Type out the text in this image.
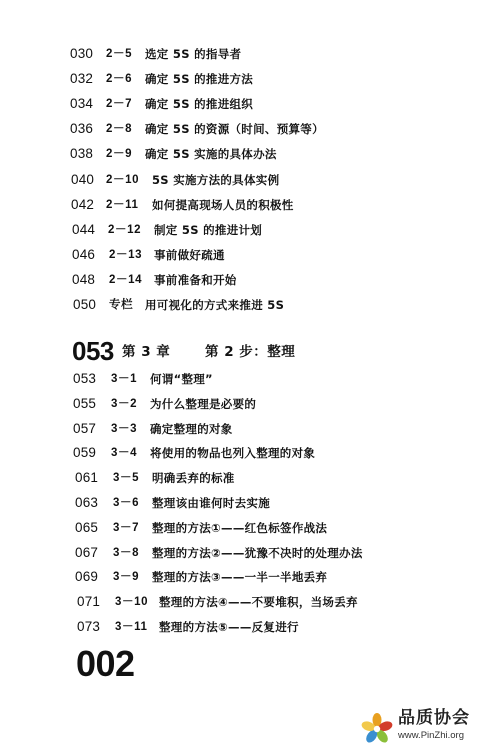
030 2－5 选定 5S 的指导者
032 2－6 确定 5S 的推进方法
034 2－7 确定 5S 的推进组织
036 2－8 确定 5S 的资源（时间、预算等）
038 2－9 确定 5S 实施的具体办法
040 2－10 5S 实施方法的具体实例
042 2－11 如何提高现场人员的积极性
044 2－12 制定 5S 的推进计划
046 2－13 事前做好疏通
048 2－14 事前准备和开始
050 专栏 用可视化的方式来推进 5S
053 第 3 章	第 2 步：整理
053 3－1 何谓“整理”
055 3－2 为什么整理是必要的
057 3－3 确定整理的对象
059 3－4 将使用的物品也列入整理的对象
061 3－5 明确丢弃的标准
063 3－6 整理该由谁何时去实施
065 3－7 整理的方法①——红色标签作战法
067 3－8 整理的方法②——犹豫不决时的处理办法
069 3－9 整理的方法③——一半一半地丢弃
071 3－10 整理的方法④——不要堆积，当场丢弃
073 3－11 整理的方法⑤——反复进行
002
品质协会
www.PinZhi.org
